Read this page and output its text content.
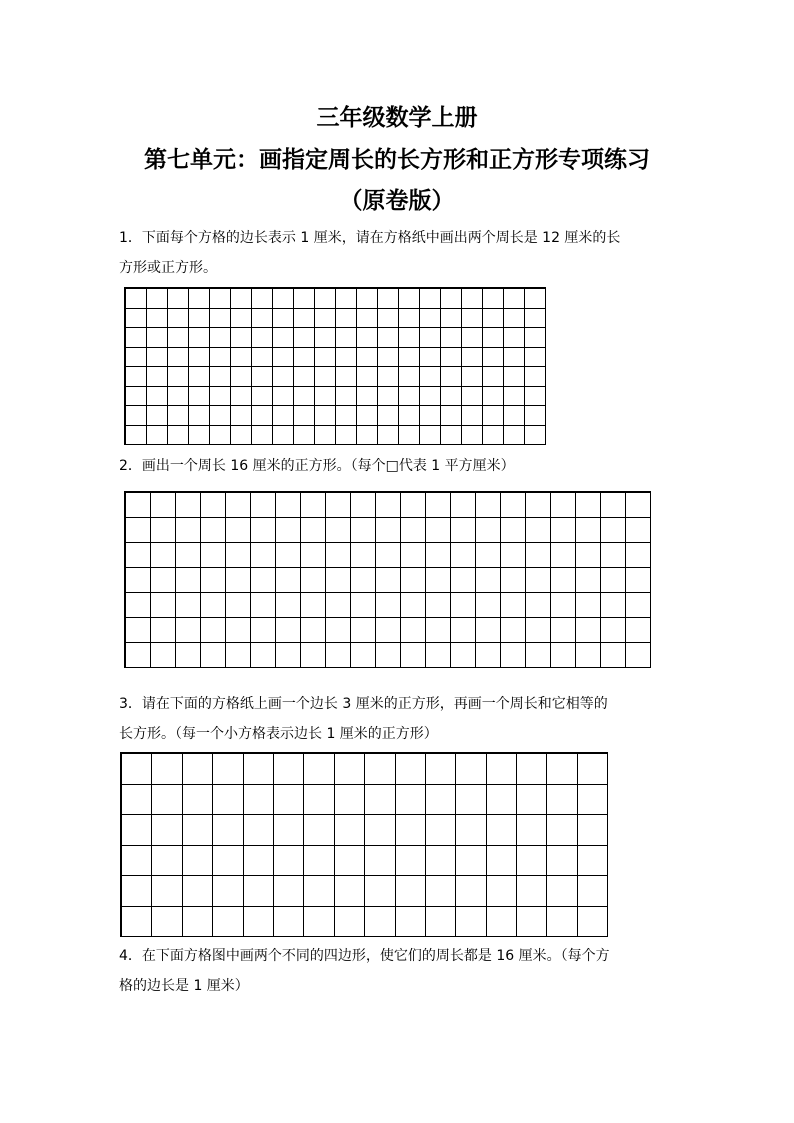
三年级数学上册
第七单元：画指定周长的长方形和正方形专项练习
（原卷版）

1．下面每个方格的边长表示 1 厘米，请在方格纸中画出两个周长是 12 厘米的长

方形或正方形。

2．画出一个周长 16 厘米的正方形。（每个□代表 1 平方厘米）

3．请在下面的方格纸上画一个边长 3 厘米的正方形，再画一个周长和它相等的

长方形。（每一个小方格表示边长 1 厘米的正方形）

4．在下面方格图中画两个不同的四边形，使它们的周长都是 16 厘米。（每个方

格的边长是 1 厘米）
